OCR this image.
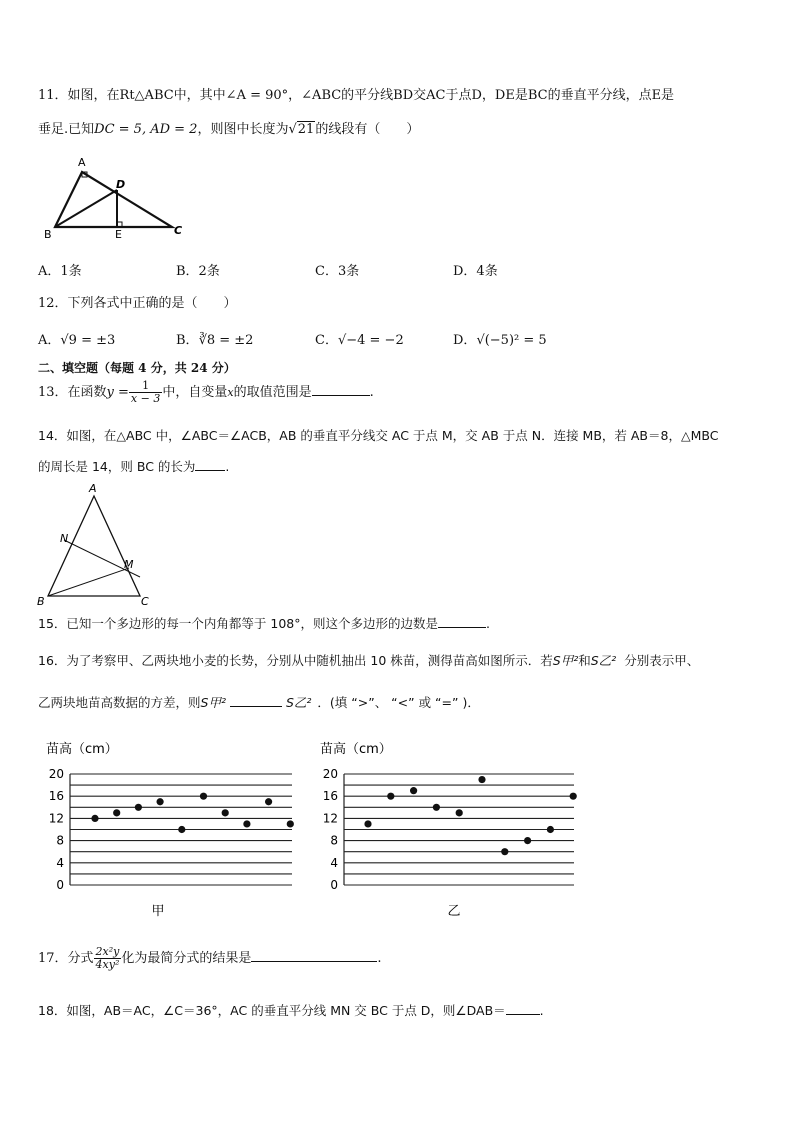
11．如图，在Rt△ABC中，其中∠A = 90°，∠ABC的平分线BD交AC于点D，DE是BC的垂直平分线，点E是
垂足.已知DC = 5, AD = 2，则图中长度为√21的线段有（　　）
A
B	C
D
E
A．1条	B．2条	C．3条	D．4条
12．下列各式中正确的是（　　）
A．√9 = ±3	B．∛8 = ±2	C．√−4 = −2	D．√(−5)² = 5
二、填空题（每题 4 分，共 24 分）
13．在函数$y = \frac{1}{x - 3}$ 中，自变量x的取值范围是	.
14．如图，在△ABC 中，∠ABC＝∠ACB，AB 的垂直平分线交 AC 于点 M，交 AB 于点 N．连接 MB，若 AB＝8，△MBC
的周长是 14，则 BC 的长为 .
A
B	C
M
N
15．已知一个多边形的每一个内角都等于 108°，则这个多边形的边数是	.
16．为了考察甲、乙两块地小麦的长势，分别从中随机抽出 10 株苗，测得苗高如图所示．若S甲²和S乙² 分别表示甲、
乙两块地苗高数据的方差，则S甲²	S乙² ．(填 “>”、 “<” 或 “=” )．
苗高（cm）
0
4
8
12
16
20
甲
苗高（cm）
0
4
8
12
16
20
乙
17．分式 $\frac{\text{2x²y}}{\text{4xy²}}$ 化为最简分式的结果是	.
18．如图，AB＝AC，∠C＝36°，AC 的垂直平分线 MN 交 BC 于点 D，则∠DAB＝	.
